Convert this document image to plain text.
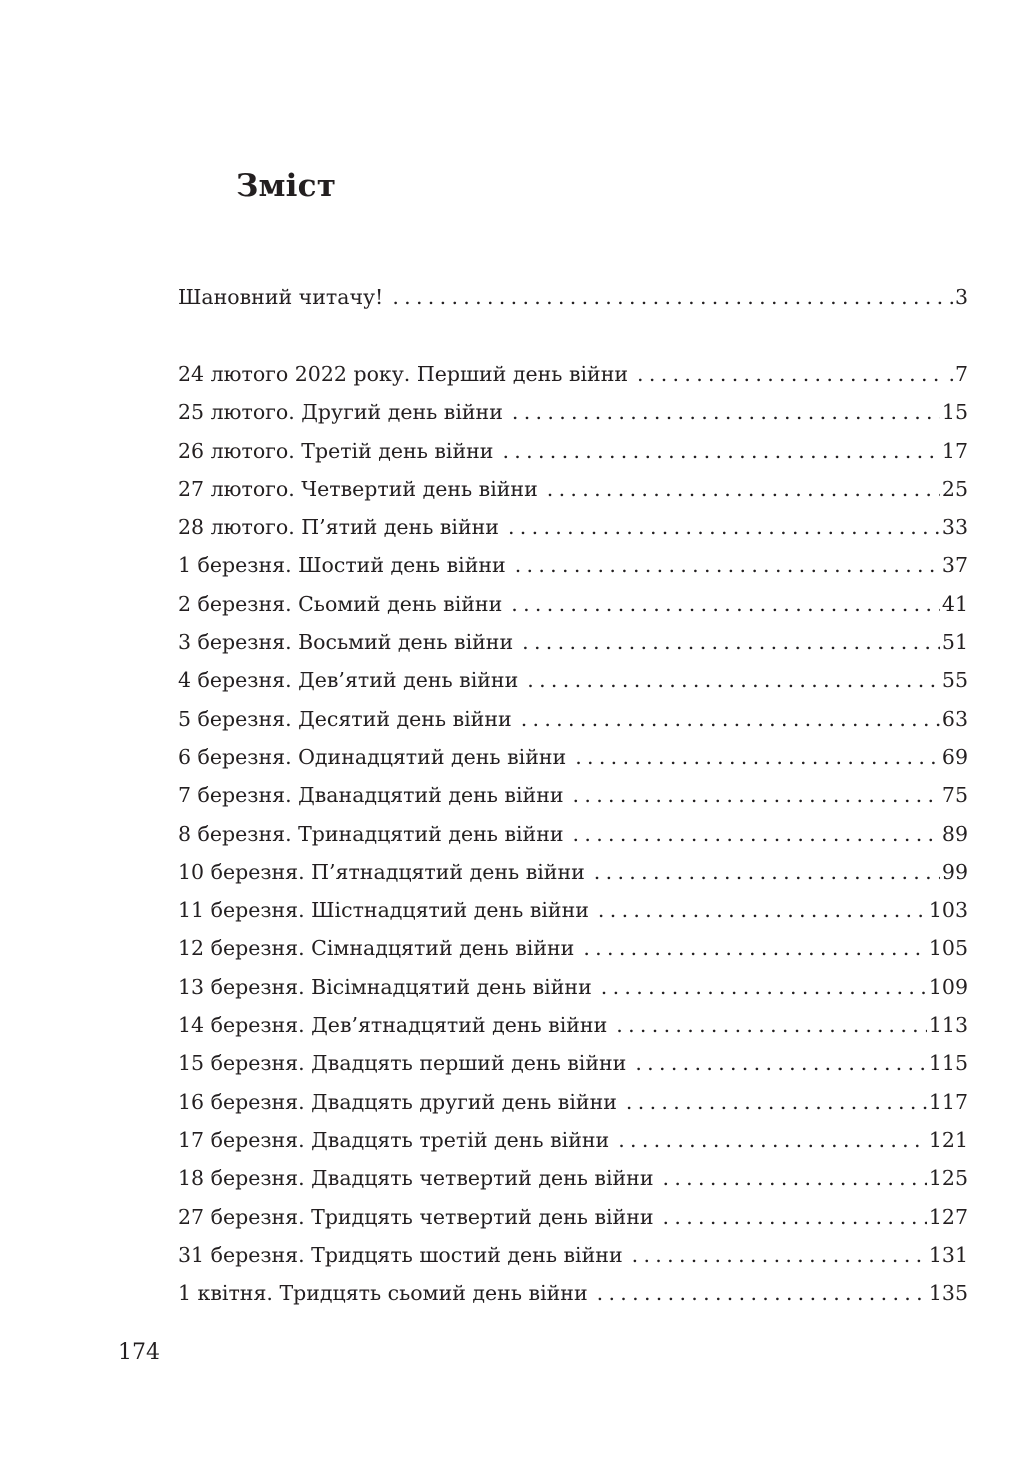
Зміст
Шановний читачу! . . .	.3
24 лютого 2022 року. Перший день війни . . .	.7
25 лютого. Другий день війни . . .	15
26 лютого. Третій день війни . . .	17
27 лютого. Четвертий день війни . . .	25
28 лютого. П’ятий день війни . . .	33
1 березня. Шостий день війни . . .	37
2 березня. Сьомий день війни . . .	41
3 березня. Восьмий день війни . . .	51
4 березня. Дев’ятий день війни . . .	55
5 березня. Десятий день війни . . .	63
6 березня. Одинадцятий день війни . . .	69
7 березня. Дванадцятий день війни . . .	75
8 березня. Тринадцятий день війни . . .	89
10 березня. П’ятнадцятий день війни . . .	99
11 березня. Шістнадцятий день війни . . .	103
12 березня. Сімнадцятий день війни . . .	105
13 березня. Вісімнадцятий день війни . . .	109
14 березня. Дев’ятнадцятий день війни . . .	113
15 березня. Двадцять перший день війни . . .	115
16 березня. Двадцять другий день війни . . .	117
17 березня. Двадцять третій день війни . . .	121
18 березня. Двадцять четвертий день війни . . .	125
27 березня. Тридцять четвертий день війни . . .	127
31 березня. Тридцять шостий день війни . . .	131
1 квітня. Тридцять сьомий день війни . . .	135
174
